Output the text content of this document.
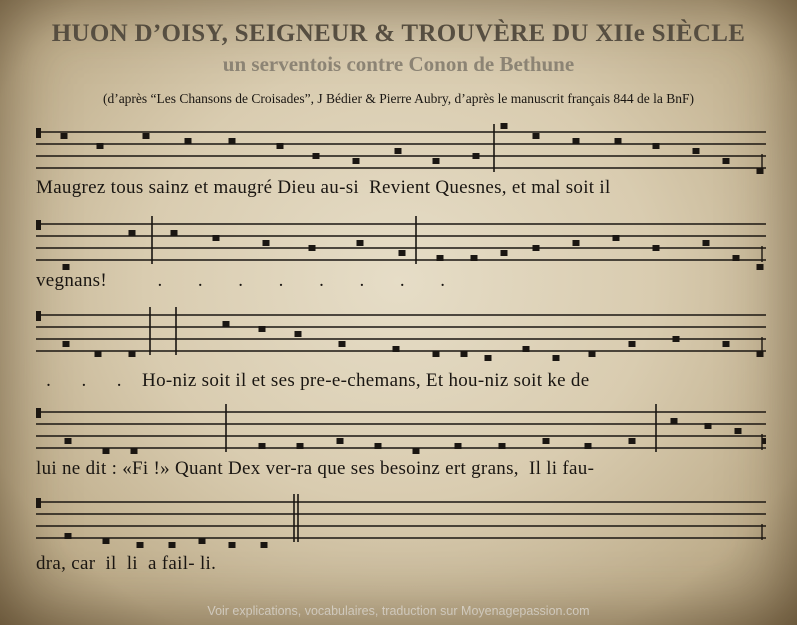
HUON D’OISY, SEIGNEUR & TROUVÈRE DU XIIe SIÈCLE
un serventois contre Conon de Bethune

(d’après “Les Chansons de Croisades”, J Bédier & Pierre Aubry, d’après le manuscrit français 844 de la BnF)

Maugrez tous sainz et maugré Dieu au-si  Revient Quesnes, et mal soit il

vegnans!          .       .       .       .       .       .       .       .

.      .      .    Ho-niz soit il et ses pre-e-chemans, Et hou-niz soit ke de

lui ne dit : «Fi !» Quant Dex ver-ra que ses besoinz ert grans,  Il li fau-

dra, car  il  li  a fail- li.

Voir explications, vocabulaires, traduction sur Moyenagepassion.com
